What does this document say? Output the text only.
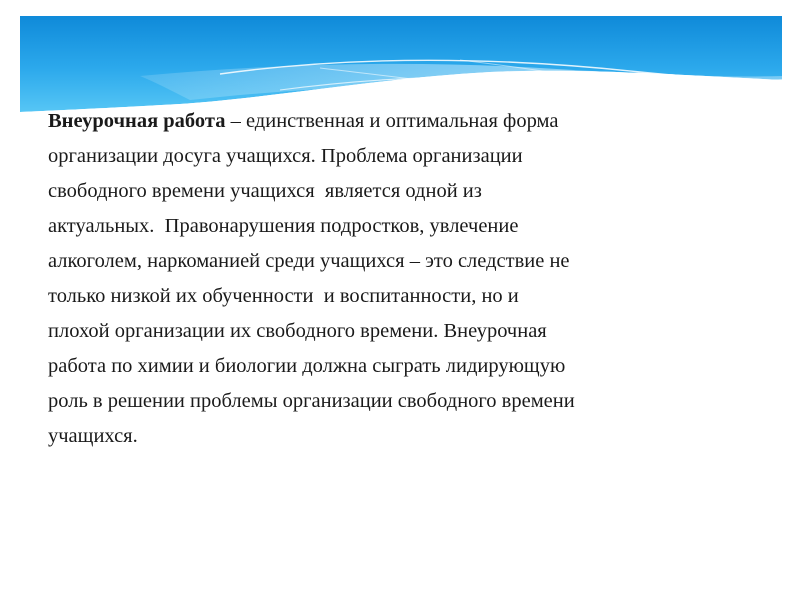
Внеурочная работа – единственная и оптимальная форма
организации досуга учащихся. Проблема организации
свободного времени учащихся  является одной из
актуальных.  Правонарушения подростков, увлечение
алкоголем, наркоманией среди учащихся – это следствие не
только низкой их обученности  и воспитанности, но и
плохой организации их свободного времени. Внеурочная
работа по химии и биологии должна сыграть лидирующую
роль в решении проблемы организации свободного времени
учащихся.
